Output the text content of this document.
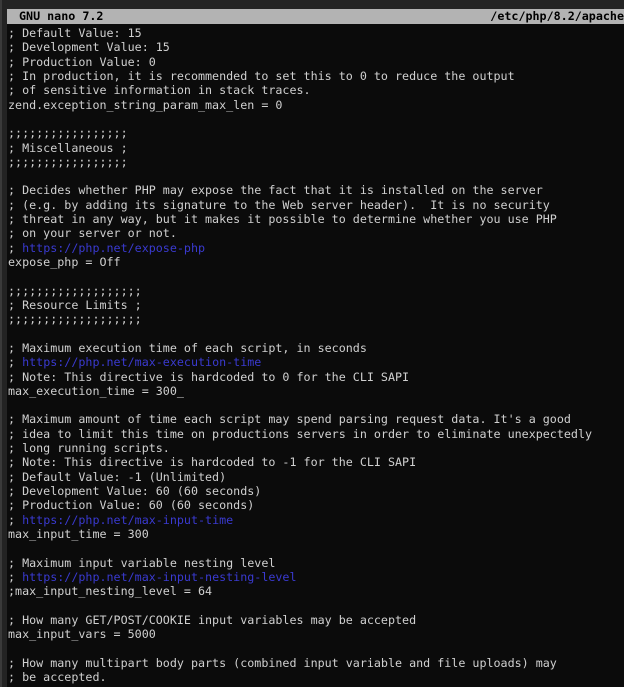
GNU nano 7.2	/etc/php/8.2/apache
; Default Value: 15
; Development Value: 15
; Production Value: 0
; In production, it is recommended to set this to 0 to reduce the output
; of sensitive information in stack traces.
zend.exception_string_param_max_len = 0
;;;;;;;;;;;;;;;;;
; Miscellaneous ;
;;;;;;;;;;;;;;;;;
; Decides whether PHP may expose the fact that it is installed on the server
; (e.g. by adding its signature to the Web server header).  It is no security
; threat in any way, but it makes it possible to determine whether you use PHP
; on your server or not.
; https://php.net/expose-php
expose_php = Off
;;;;;;;;;;;;;;;;;;;
; Resource Limits ;
;;;;;;;;;;;;;;;;;;;
; Maximum execution time of each script, in seconds
; https://php.net/max-execution-time
; Note: This directive is hardcoded to 0 for the CLI SAPI
max_execution_time = 300_
; Maximum amount of time each script may spend parsing request data. It's a good
; idea to limit this time on productions servers in order to eliminate unexpectedly
; long running scripts.
; Note: This directive is hardcoded to -1 for the CLI SAPI
; Default Value: -1 (Unlimited)
; Development Value: 60 (60 seconds)
; Production Value: 60 (60 seconds)
; https://php.net/max-input-time
max_input_time = 300
; Maximum input variable nesting level
; https://php.net/max-input-nesting-level
;max_input_nesting_level = 64
; How many GET/POST/COOKIE input variables may be accepted
max_input_vars = 5000
; How many multipart body parts (combined input variable and file uploads) may
; be accepted.
